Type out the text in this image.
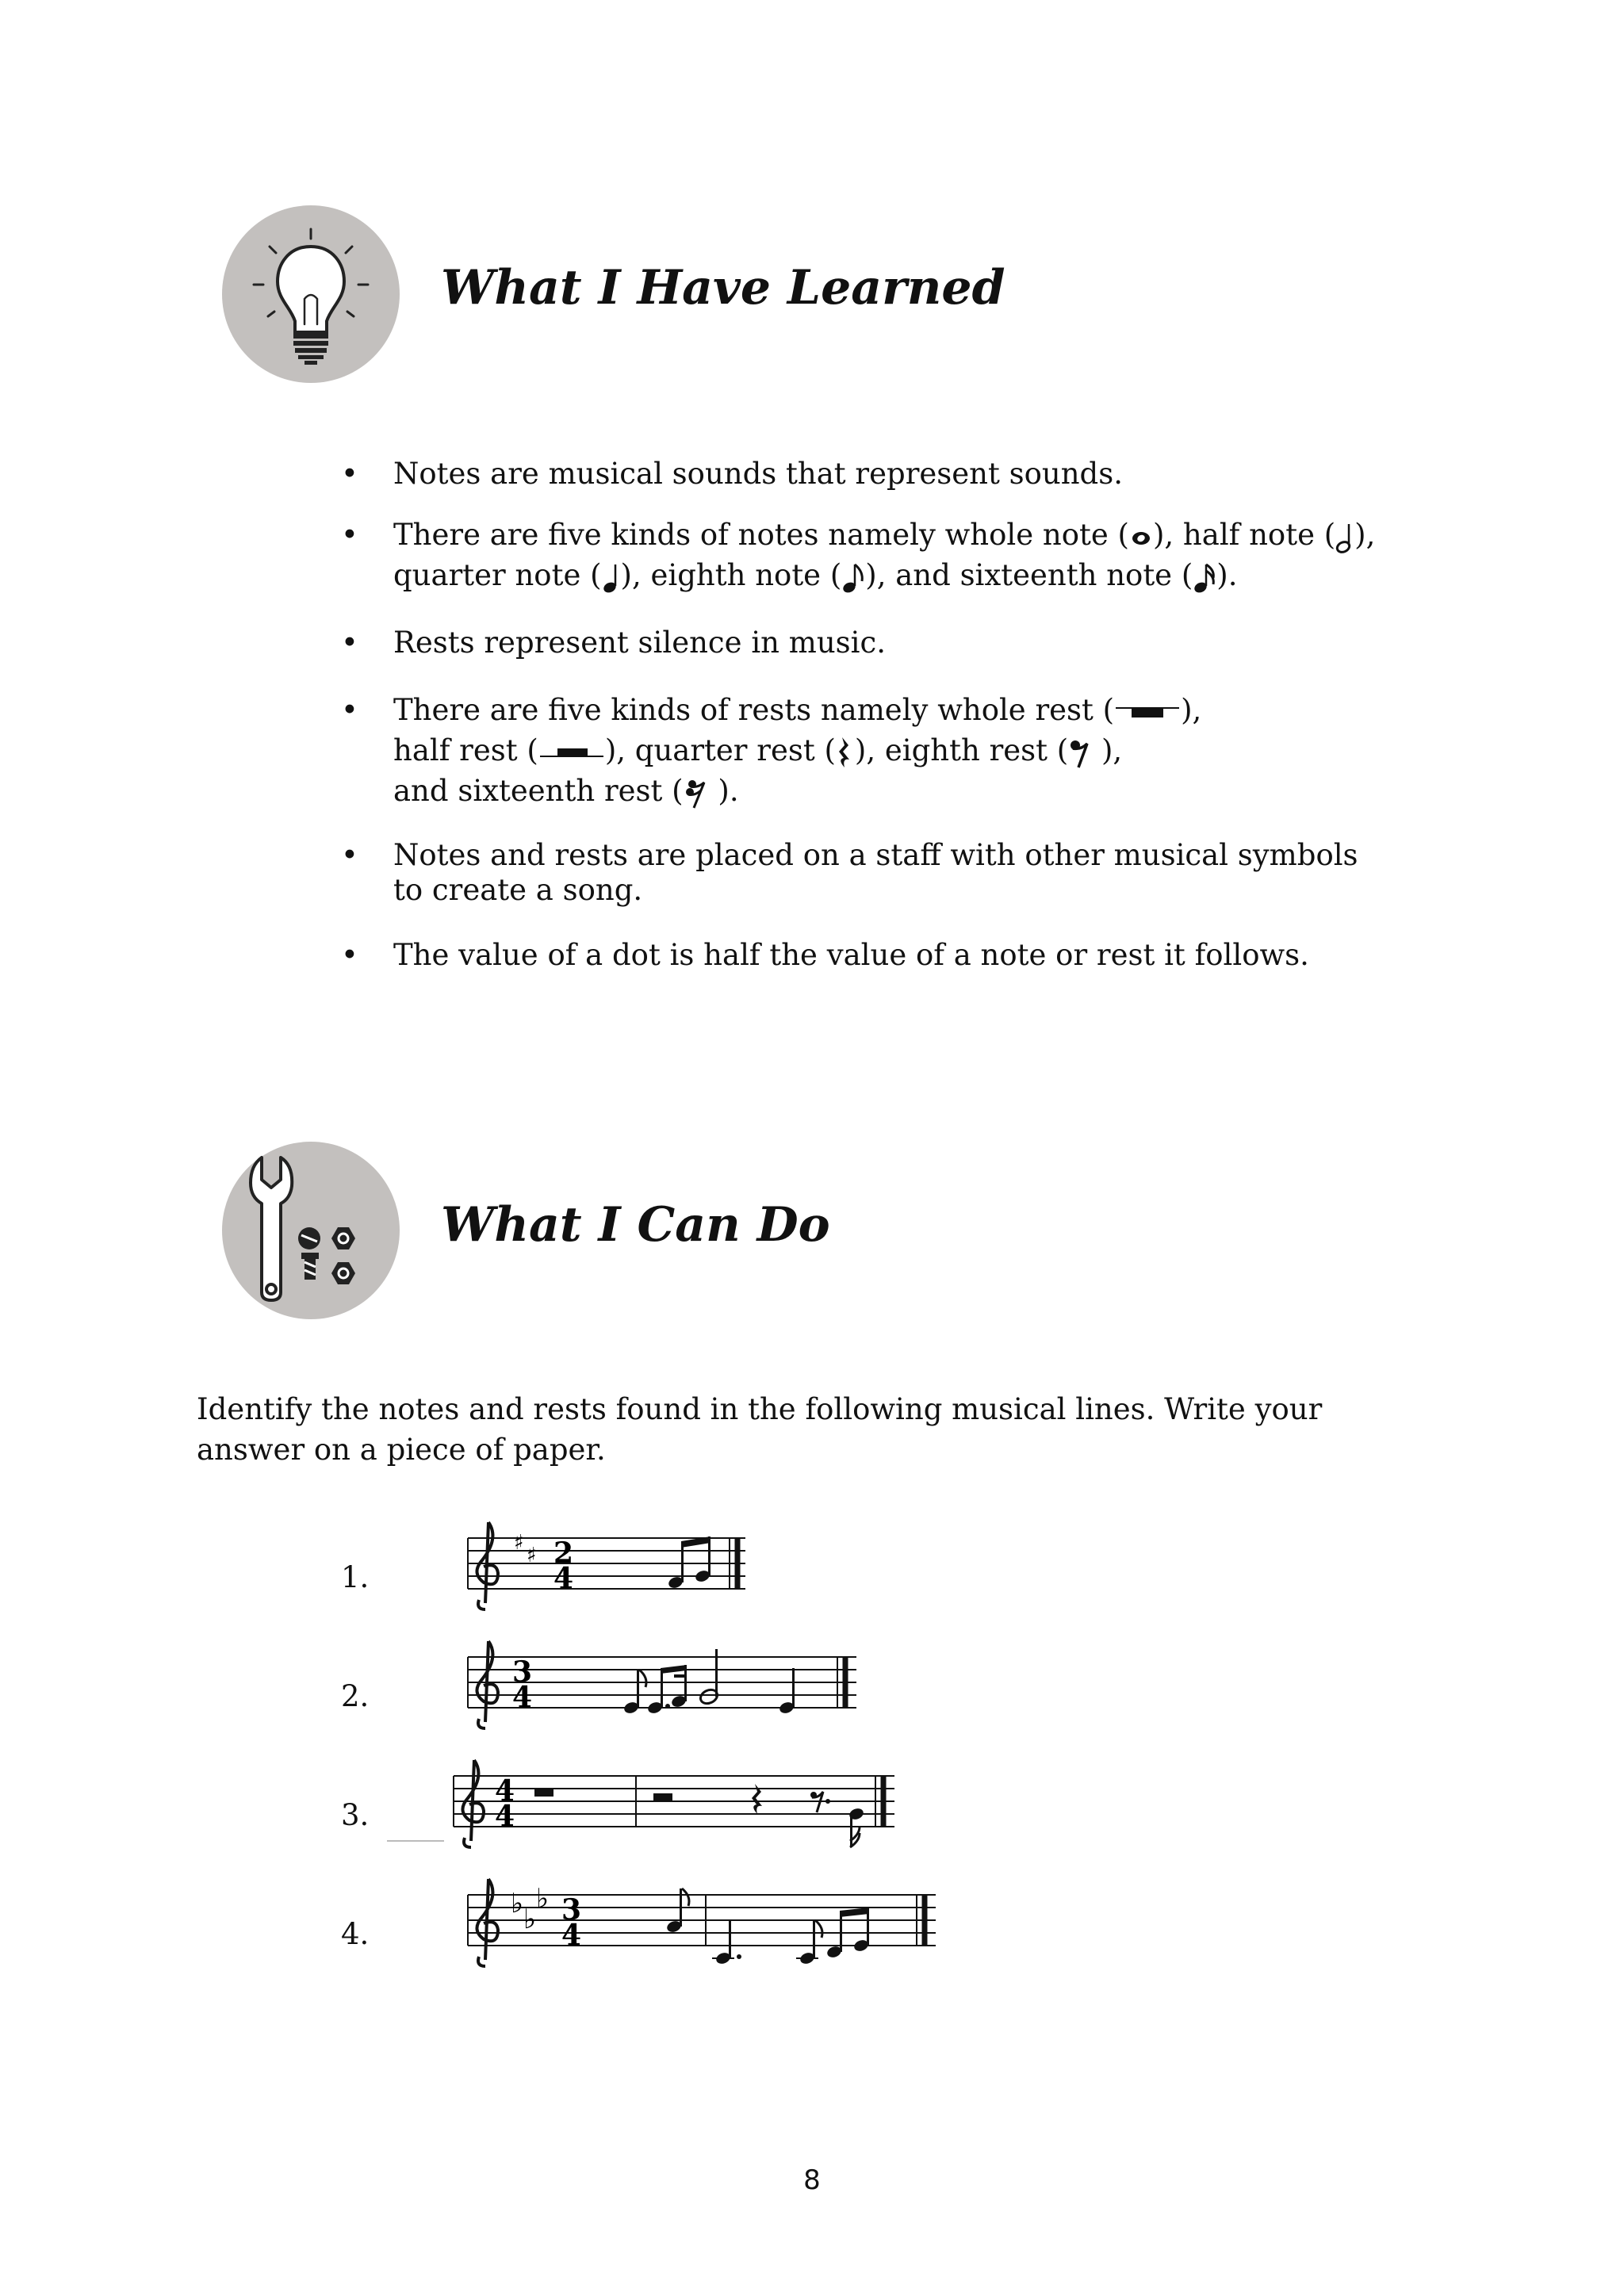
What I Have Learned
• Notes are musical sounds that represent sounds.
• There are five kinds of notes namely whole note ( ), half note ( ),
quarter note ( ), eighth note ( ), and sixteenth note ( ).
• Rests represent silence in music.
• There are five kinds of rests namely whole rest ( ),
half rest ( ), quarter rest ( ), eighth rest (
),
and sixteenth rest (
).
• Notes and rests are placed on a staff with other musical symbols to create a song.
• The value of a dot is half the value of a note or rest it follows.
What I Can Do
Identify the notes and rests found in the following musical lines. Write your answer on a piece of paper.
1.
♯
♯ 2
4
2.
3
4
3.
4
4
4.
♭ ♭
♭ 3
4
8
